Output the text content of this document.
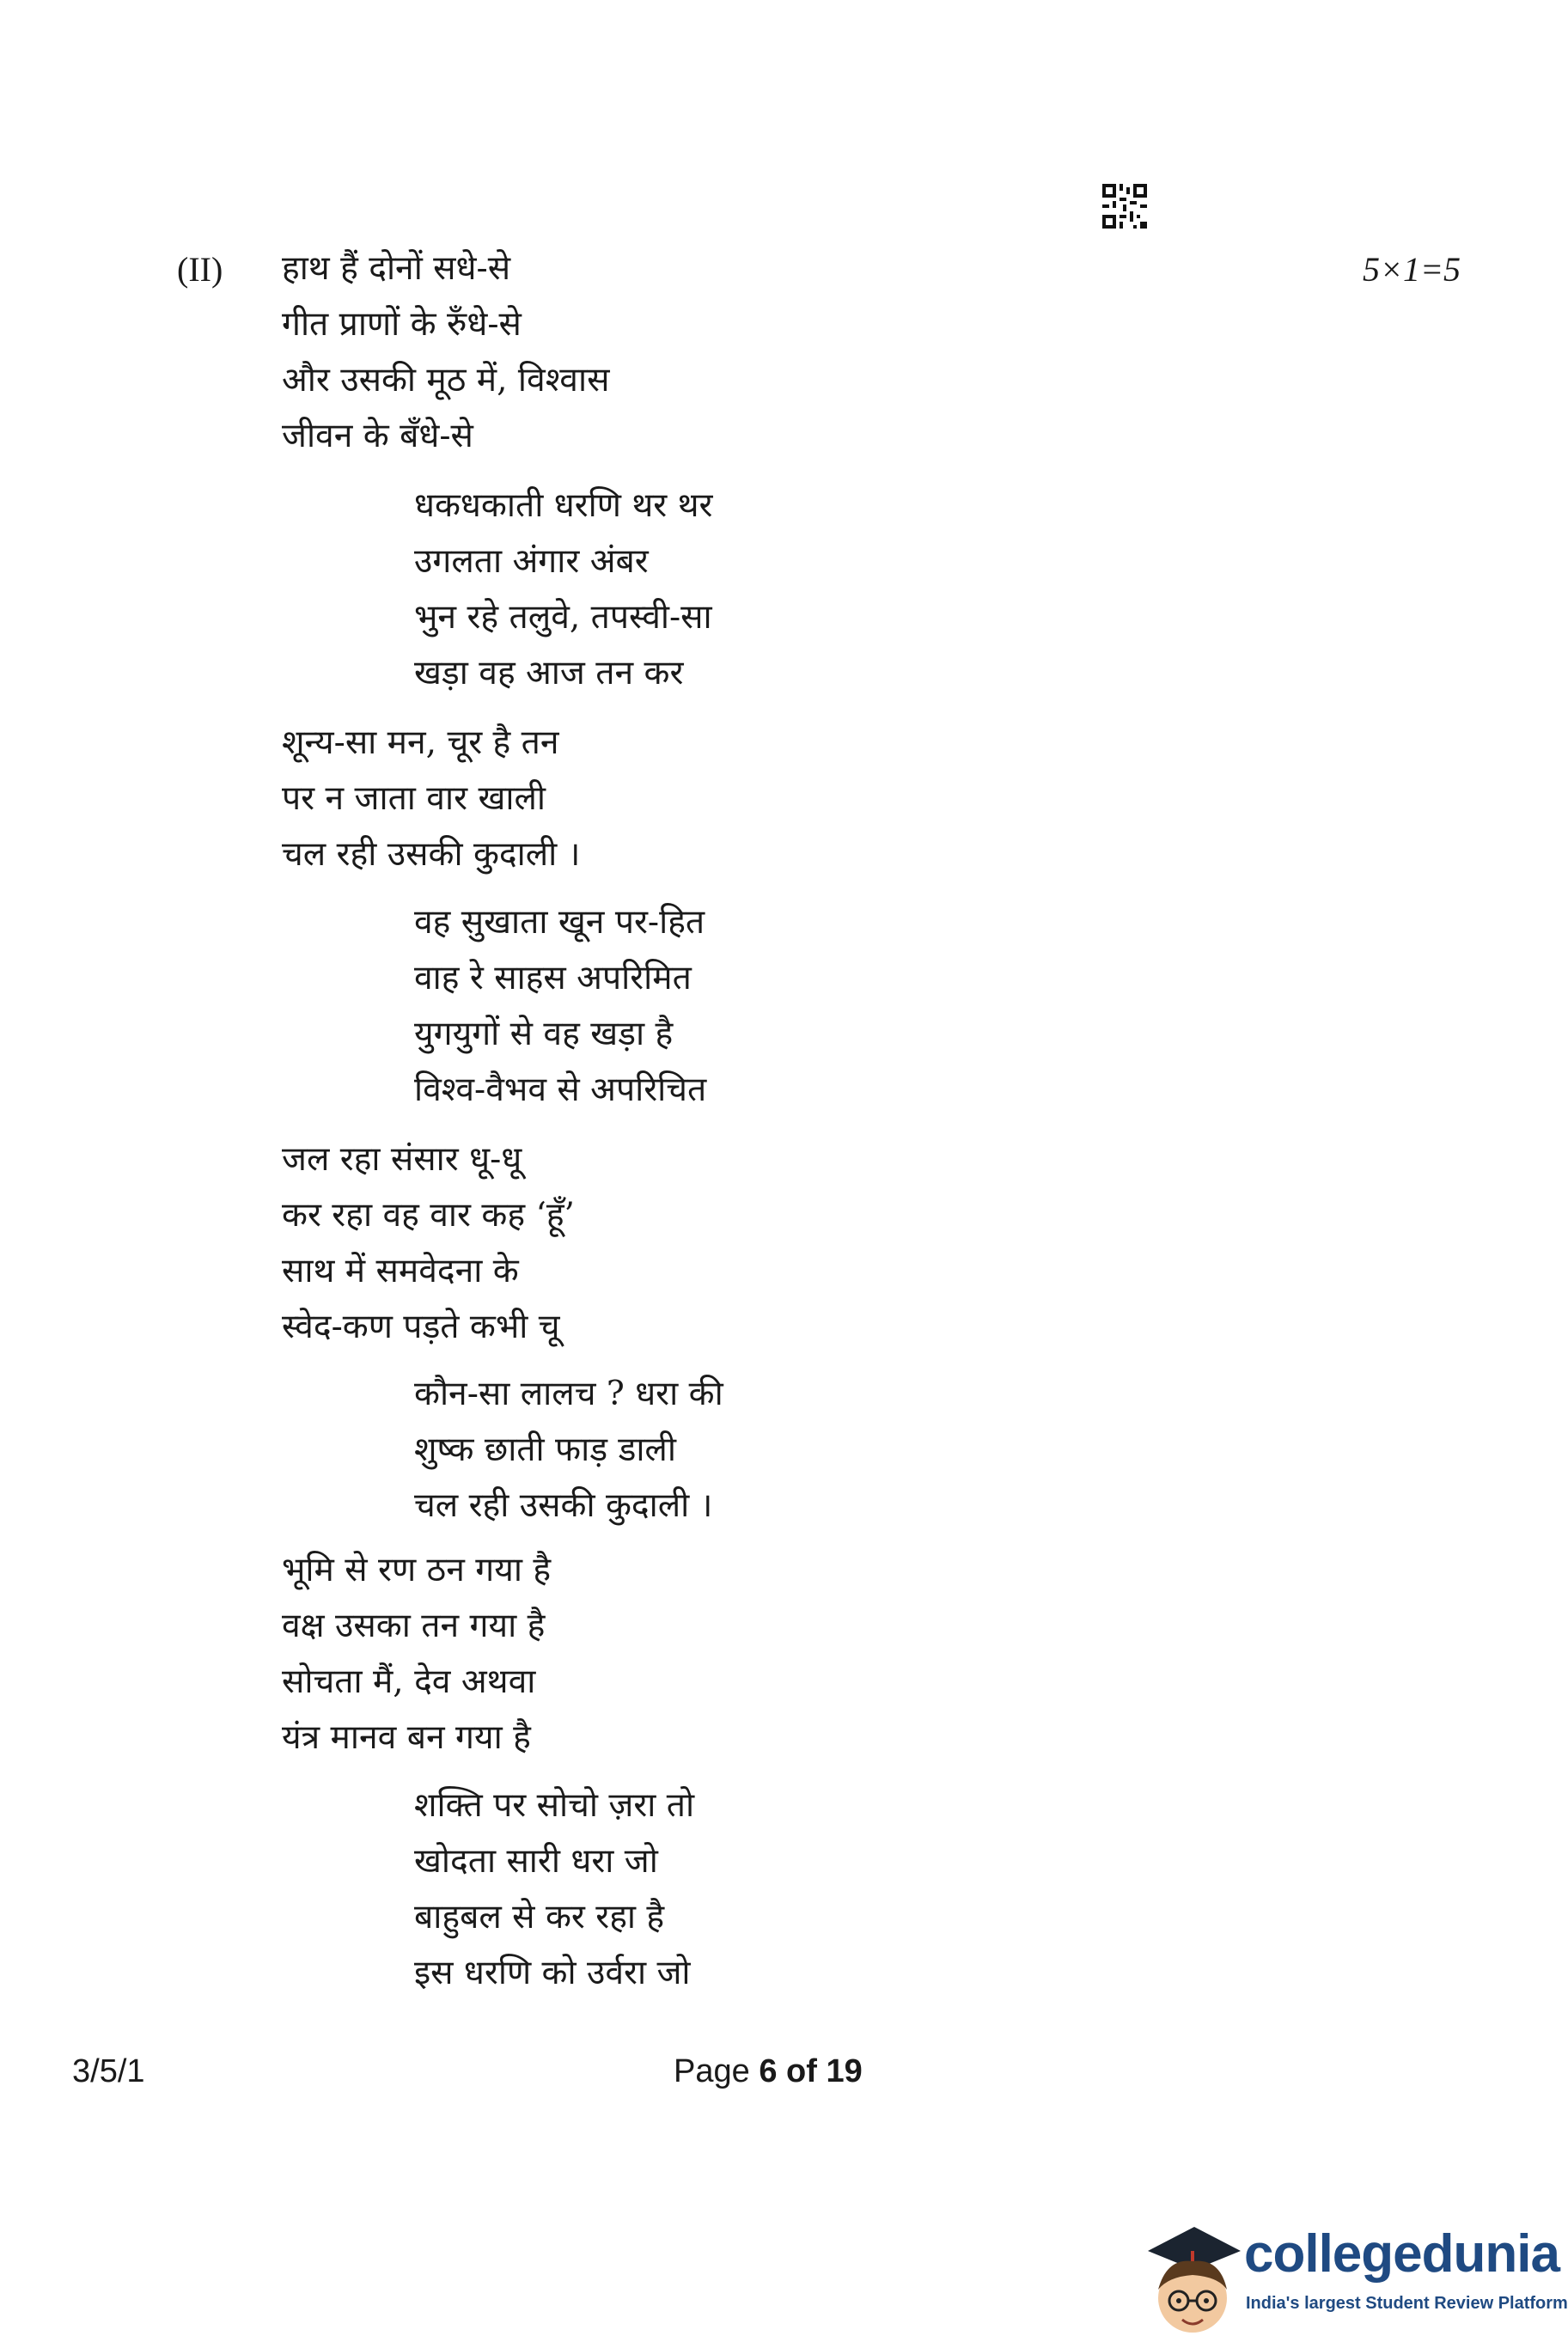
(II)	5×1=5
हाथ हैं दोनों सधे-से
गीत प्राणों के रुँधे-से
और उसकी मूठ में, विश्वास
जीवन के बँधे-से
धकधकाती धरणि थर थर
उगलता अंगार अंबर
भुन रहे तलुवे, तपस्वी-सा
खड़ा वह आज तन कर
शून्य-सा मन, चूर है तन
पर न जाता वार खाली
चल रही उसकी कुदाली ।
वह सुखाता खून पर-हित
वाह रे साहस अपरिमित
युगयुगों से वह खड़ा है
विश्व-वैभव से अपरिचित
जल रहा संसार धू-धू
कर रहा वह वार कह ‘हूँ’
साथ में समवेदना के
स्वेद-कण पड़ते कभी चू
कौन-सा लालच ? धरा की
शुष्क छाती फाड़ डाली
चल रही उसकी कुदाली ।
भूमि से रण ठन गया है
वक्ष उसका तन गया है
सोचता मैं, देव अथवा
यंत्र मानव बन गया है
शक्ति पर सोचो ज़रा तो
खोदता सारी धरा जो
बाहुबल से कर रहा है
इस धरणि को उर्वरा जो
3/5/1	Page 6 of 19
collegedunia
India's largest Student Review Platform
